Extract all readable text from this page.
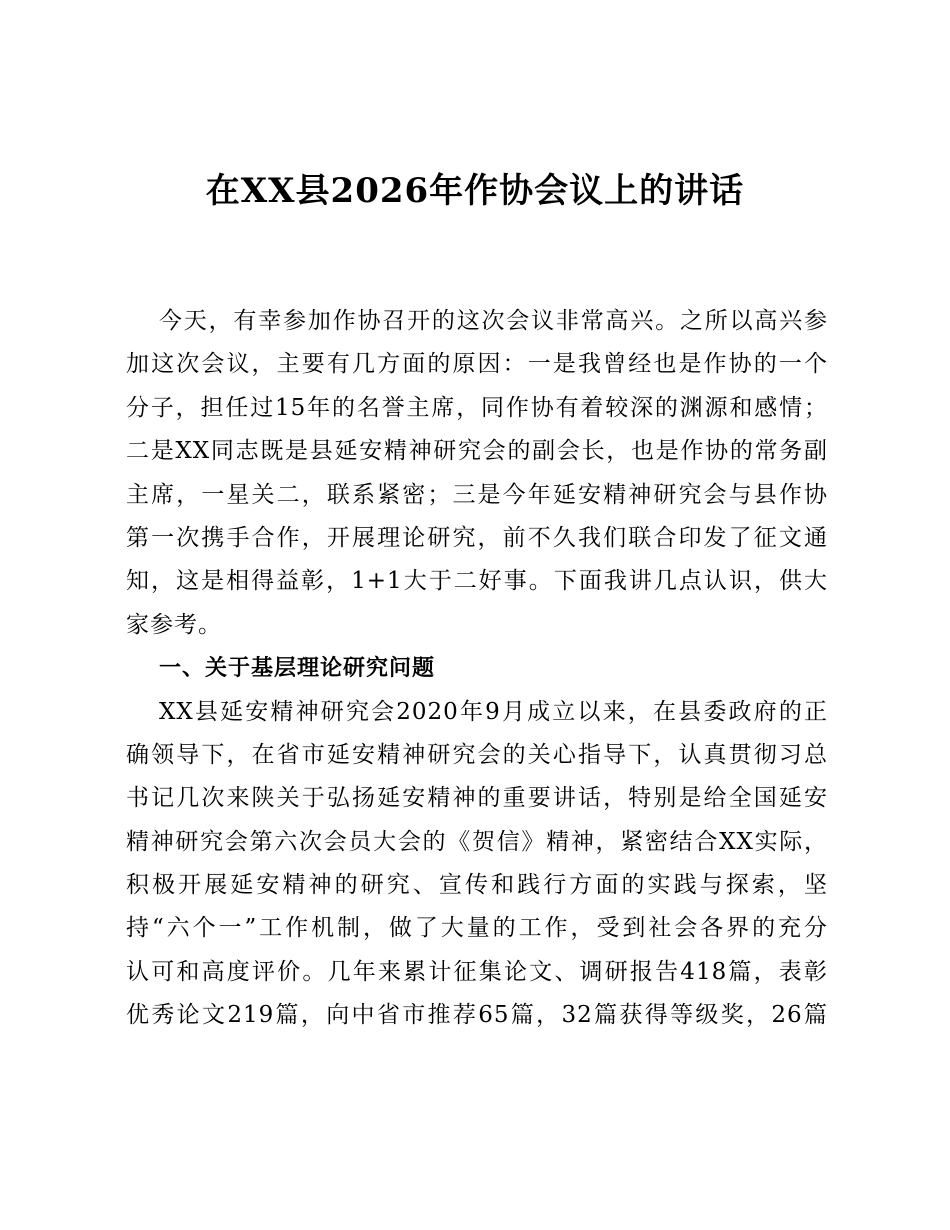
在XX县2026年作协会议上的讲话
今天，有幸参加作协召开的这次会议非常高兴。之所以高兴参
加这次会议，主要有几方面的原因：一是我曾经也是作协的一个
分子，担任过15年的名誉主席，同作协有着较深的渊源和感情；
二是XX同志既是县延安精神研究会的副会长，也是作协的常务副
主席，一星关二，联系紧密；三是今年延安精神研究会与县作协
第一次携手合作，开展理论研究，前不久我们联合印发了征文通
知，这是相得益彰，1+1大于二好事。下面我讲几点认识，供大
家参考。
一、关于基层理论研究问题
XX县延安精神研究会2020年9月成立以来，在县委政府的正
确领导下，在省市延安精神研究会的关心指导下，认真贯彻习总
书记几次来陕关于弘扬延安精神的重要讲话，特别是给全国延安
精神研究会第六次会员大会的《贺信》精神，紧密结合XX实际，
积极开展延安精神的研究、宣传和践行方面的实践与探索，坚
持“六个一”工作机制，做了大量的工作，受到社会各界的充分
认可和高度评价。几年来累计征集论文、调研报告418篇，表彰
优秀论文219篇，向中省市推荐65篇，32篇获得等级奖，26篇
